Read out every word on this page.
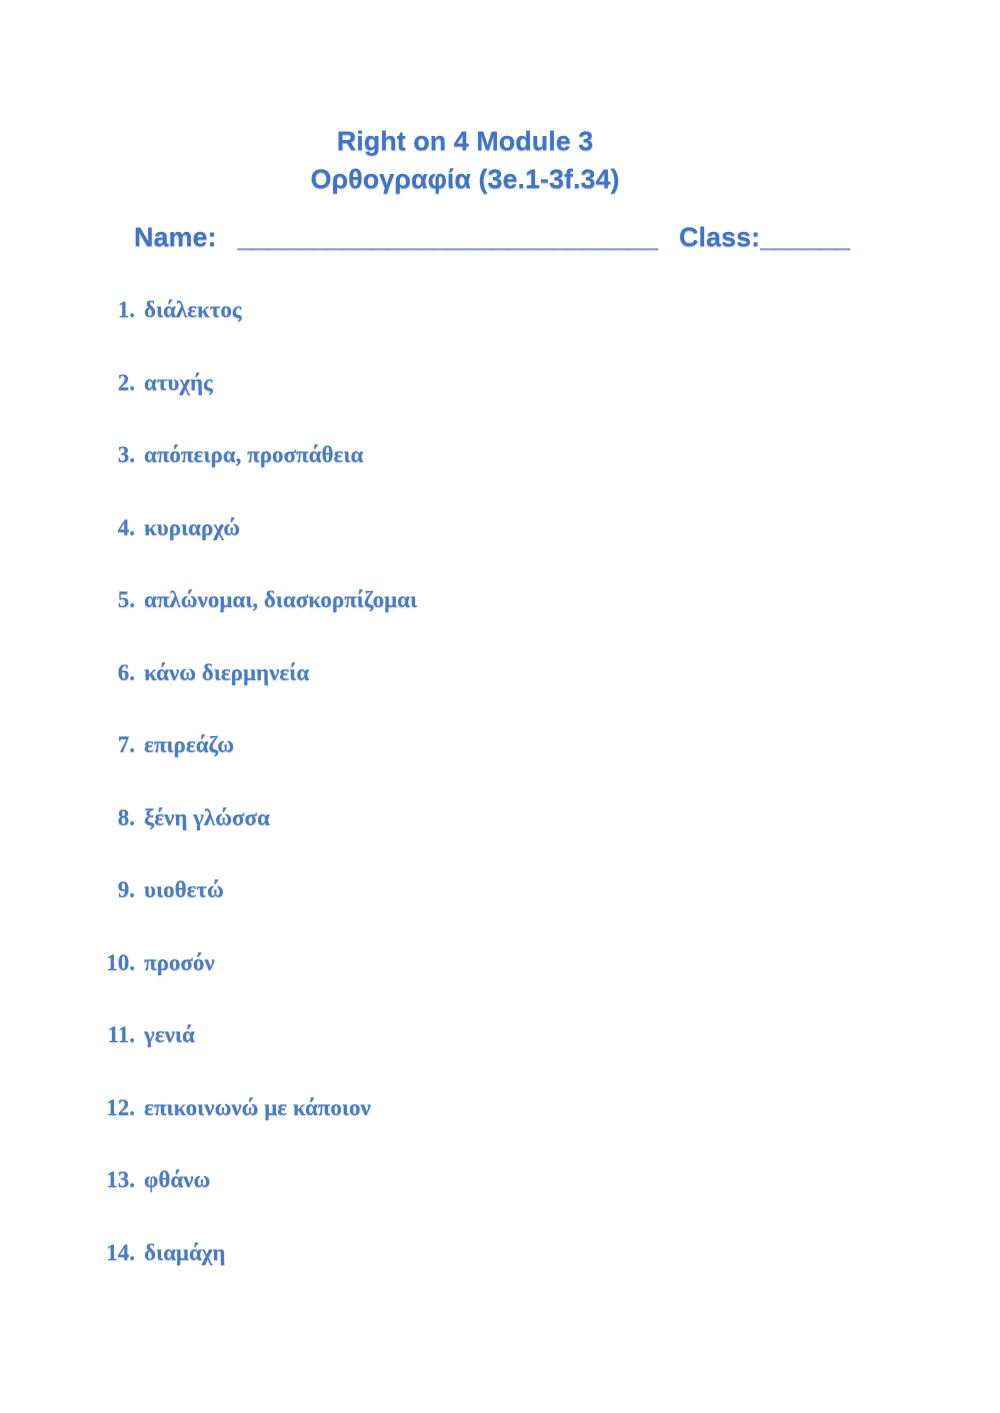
Right on 4 Module 3
Ορθογραφία (3e.1-3f.34)
Name: ____________________________ Class:______
1. διάλεκτος
2. ατυχής
3. απόπειρα, προσπάθεια
4. κυριαρχώ
5. απλώνομαι, διασκορπίζομαι
6. κάνω διερμηνεία
7. επιρεάζω
8. ξένη γλώσσα
9. υιοθετώ
10. προσόν
11. γενιά
12. επικοινωνώ με κάποιον
13. φθάνω
14. διαμάχη
